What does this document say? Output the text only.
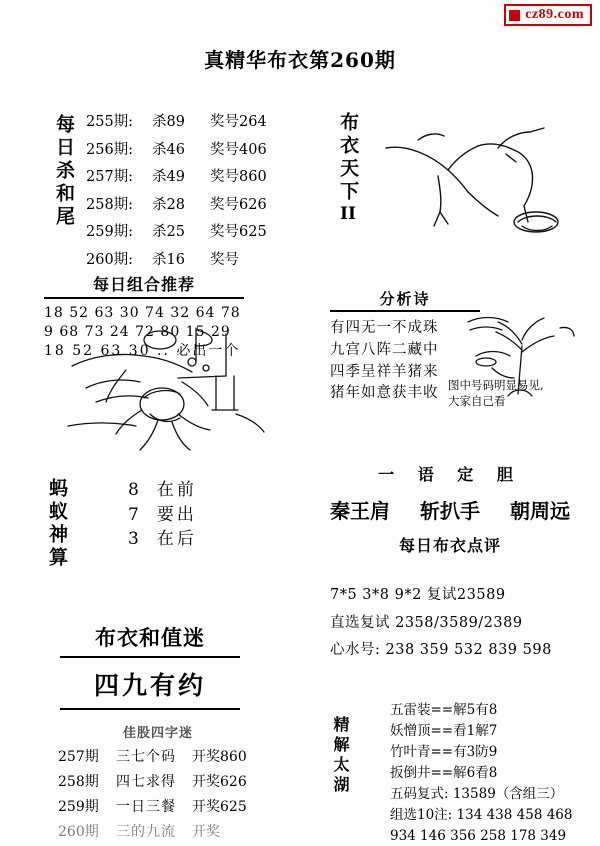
cz89.com
真精华布衣第260期
每日杀和尾 255期: 杀89 奖号264
256期: 杀46 奖号406
257期: 杀49 奖号860
258期: 杀28 奖号626
259期: 杀25 奖号625
260期: 杀16 奖号
布衣天下
II
每日组合推荐
18 52 63 30 74 32 64 78
9 68 73 24 72 80 15 29
18 52 63 30 .. 必出一个
分析诗
有四无一不成珠
九宫八阵二藏中
四季呈祥羊猪来
猪年如意获丰收
图中号码明显易见,
大家自己看
蚂蚁神算	8
7
3
在前
要出
在后
一 语 定 胆
秦王肩 斩扒手 朝周远
每日布衣点评
7*5 3*8 9*2 复试23589
直选复试 2358/3589/2389
心水号: 238 359 532 839 598
布衣和值迷
四九有约
佳股四字迷
257期 三七个码 开奖860
258期 四七求得 开奖626
259期 一日三餐 开奖625
260期 三的九流 开奖
精解太湖
五雷装==解5有8
妖憎顶==看1解7
竹叶青==有3防9
扳倒井==解6看8
五码复式: 13589（含组三）
组选10注: 134 438 458 468
934 146 356 258 178 349
